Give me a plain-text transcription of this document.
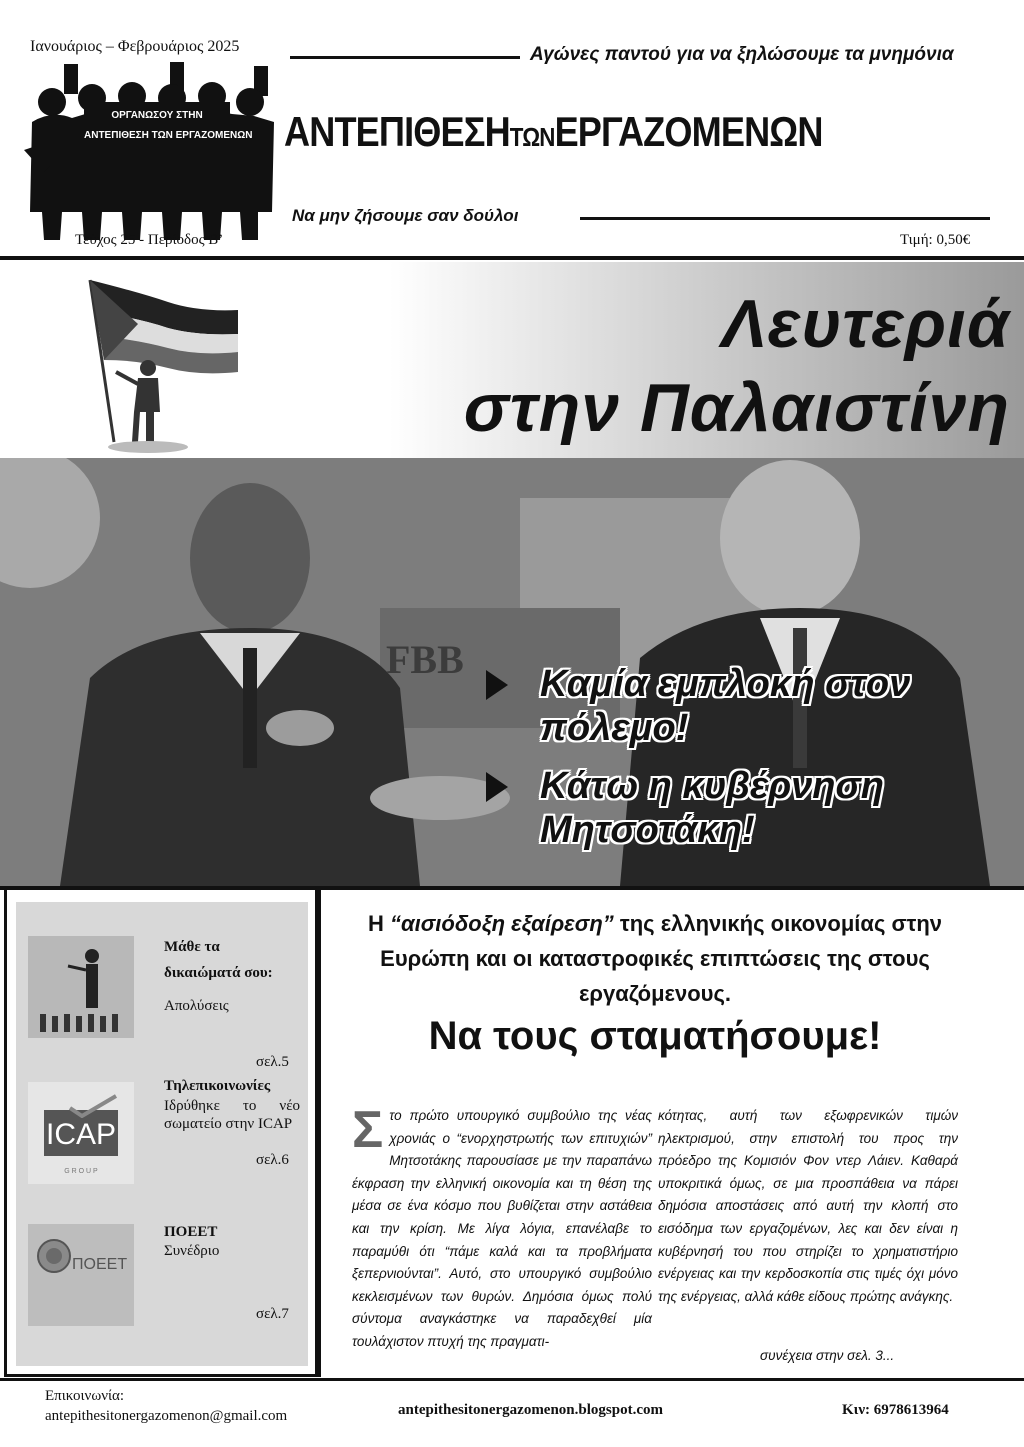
Ιανουάριος – Φεβρουάριος 2025	Αγώνες παντού για να ξηλώσουμε τα μνημόνια
ΟΡΓΑΝΩΣΟΥ ΣΤΗΝ
ΑΝΤΕΠΙΘΕΣΗ ΤΩΝ ΕΡΓΑΖΟΜΕΝΩΝ ΑΝΤΕΠΙΘΕΣΗΤΩΝΕΡΓΑΖΟΜΕΝΩΝ
Να μην ζήσουμε σαν δούλοι
Τεύχος 25 - Περίοδος Β’	Τιμή: 0,50€
Λευτεριά
στην Παλαιστίνη
FBB
Καμία εμπλοκή στον πόλεμο!
Κάτω η κυβέρνηση Μητσοτάκη!
Μάθε τα
δικαιώματά σου:
Απολύσεις
σελ.5
ICAP
G R O U P
Τηλεπικοινωνίες
Ιδρύθηκε το νέο σωματείο στην ICAP
σελ.6
ΠΟΕΕΤ
ΠΟΕΕΤ
Συνέδριο
σελ.7
Η “αισιόδοξη εξαίρεση” της ελληνικής οικονομίας στην Ευρώπη και οι καταστροφικές επιπτώσεις της στους εργαζόμενους.
Να τους σταματήσουμε!
Στο πρώτο υπουργικό συμβούλιο της νέας χρονιάς ο “ενορχηστρωτής των επιτυχιών” Μητσοτάκης παρουσίασε με την παραπάνω έκφραση την ελληνική οικονομία και τη θέση της μέσα σε ένα κόσμο που βυθίζεται στην αστάθεια και την κρίση. Με λίγα λόγια, επανέλαβε το παραμύθι ότι “πάμε καλά και τα προβλήματα ξεπερνιούνται”. Αυτό, στο υπουργικό συμβούλιο κεκλεισμένων των θυρών. Δημόσια όμως πολύ σύντομα αναγκάστηκε να παραδεχθεί μία τουλάχιστον πτυχή της πραγματι-
κότητας, αυτή των εξωφρενικών τιμών ηλεκτρισμού, στην επιστολή του προς την πρόεδρο της Κομισιόν Φον ντερ Λάιεν. Καθαρά υποκριτικά όμως, σε μια προσπάθεια να πάρει δημόσια αποστάσεις από αυτή την κλοπή στο εισόδημα των εργαζομένων, λες και δεν είναι η κυβέρνησή του που στηρίζει το χρηματιστήριο ενέργειας και την κερδοσκοπία στις τιμές όχι μόνο της ενέργειας, αλλά κάθε είδους πρώτης ανάγκης.
συνέχεια στην σελ. 3...
Επικοινωνία:
antepithesitonergazomenon@gmail.com	antepithesitonergazomenon.blogspot.com	Κιν: 6978613964
